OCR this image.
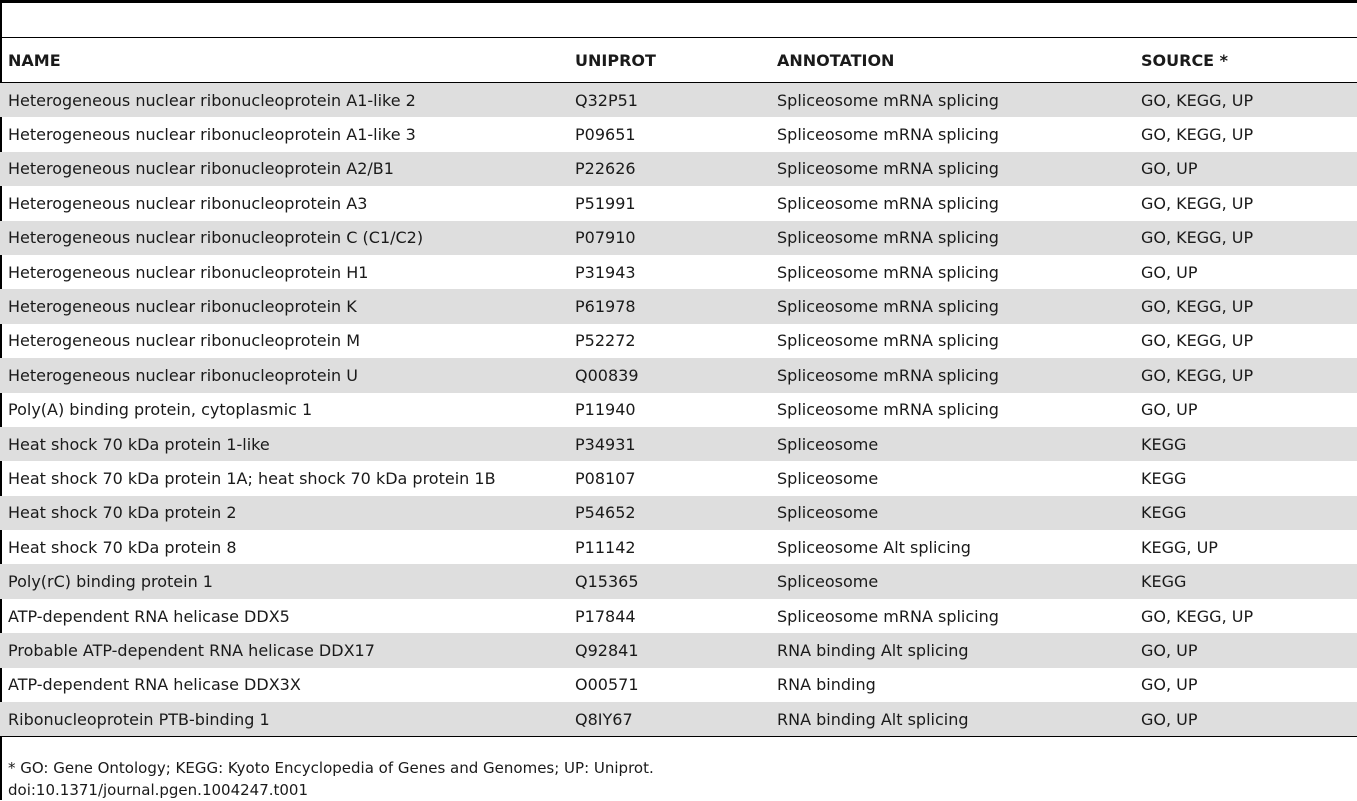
NAME	UNIPROT	ANNOTATION	SOURCE *
Heterogeneous nuclear ribonucleoprotein A1-like 2	Q32P51	Spliceosome mRNA splicing	GO, KEGG, UP
Heterogeneous nuclear ribonucleoprotein A1-like 3	P09651	Spliceosome mRNA splicing	GO, KEGG, UP
Heterogeneous nuclear ribonucleoprotein A2/B1	P22626	Spliceosome mRNA splicing	GO, UP
Heterogeneous nuclear ribonucleoprotein A3	P51991	Spliceosome mRNA splicing	GO, KEGG, UP
Heterogeneous nuclear ribonucleoprotein C (C1/C2)	P07910	Spliceosome mRNA splicing	GO, KEGG, UP
Heterogeneous nuclear ribonucleoprotein H1	P31943	Spliceosome mRNA splicing	GO, UP
Heterogeneous nuclear ribonucleoprotein K	P61978	Spliceosome mRNA splicing	GO, KEGG, UP
Heterogeneous nuclear ribonucleoprotein M	P52272	Spliceosome mRNA splicing	GO, KEGG, UP
Heterogeneous nuclear ribonucleoprotein U	Q00839	Spliceosome mRNA splicing	GO, KEGG, UP
Poly(A) binding protein, cytoplasmic 1	P11940	Spliceosome mRNA splicing	GO, UP
Heat shock 70 kDa protein 1-like	P34931	Spliceosome	KEGG
Heat shock 70 kDa protein 1A; heat shock 70 kDa protein 1B	P08107	Spliceosome	KEGG
Heat shock 70 kDa protein 2	P54652	Spliceosome	KEGG
Heat shock 70 kDa protein 8	P11142	Spliceosome Alt splicing	KEGG, UP
Poly(rC) binding protein 1	Q15365	Spliceosome	KEGG
ATP-dependent RNA helicase DDX5	P17844	Spliceosome mRNA splicing	GO, KEGG, UP
Probable ATP-dependent RNA helicase DDX17	Q92841	RNA binding Alt splicing	GO, UP
ATP-dependent RNA helicase DDX3X	O00571	RNA binding	GO, UP
Ribonucleoprotein PTB-binding 1	Q8IY67	RNA binding Alt splicing	GO, UP
* GO: Gene Ontology; KEGG: Kyoto Encyclopedia of Genes and Genomes; UP: Uniprot.
doi:10.1371/journal.pgen.1004247.t001
